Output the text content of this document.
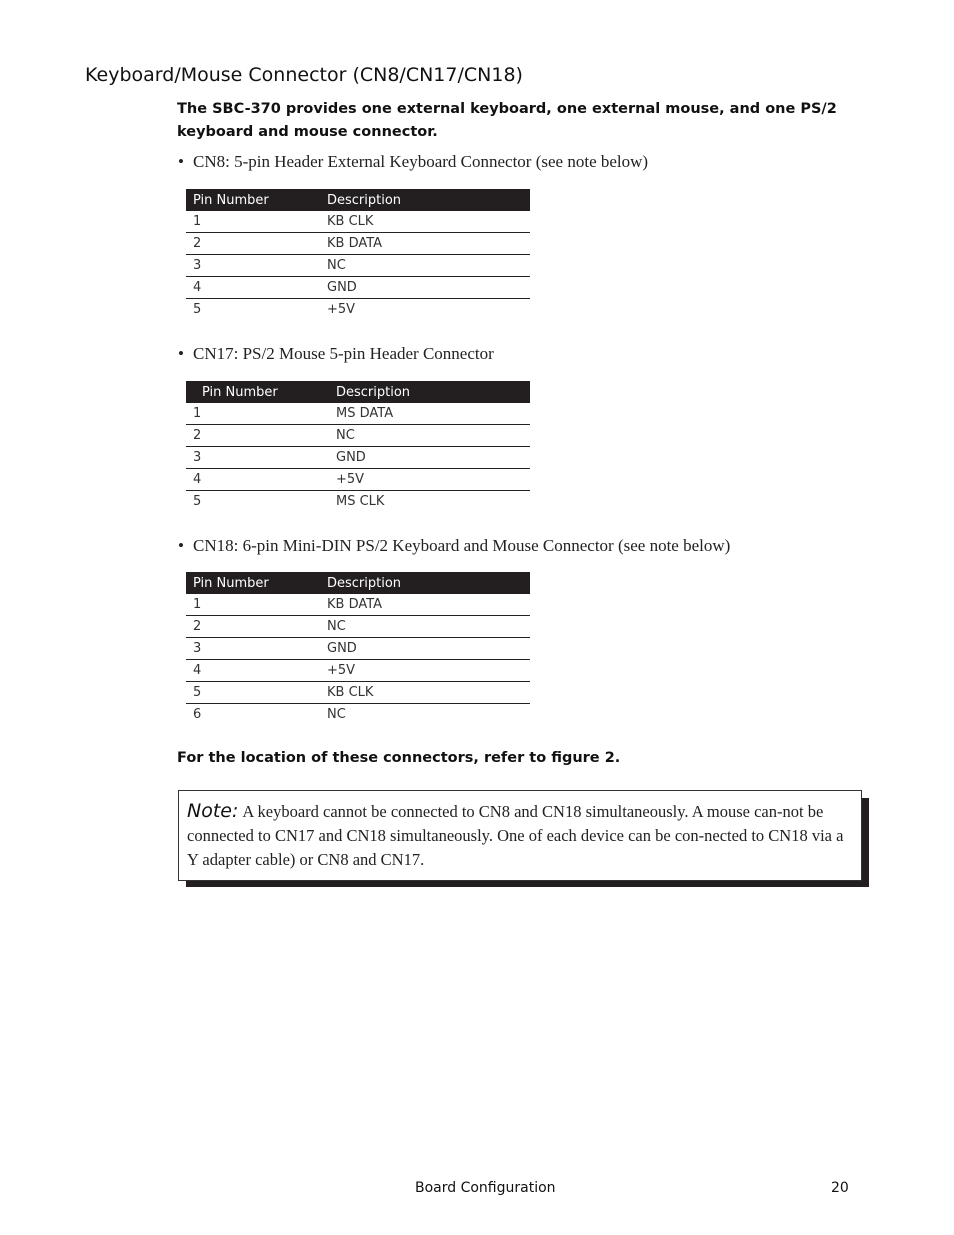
Keyboard/Mouse Connector (CN8/CN17/CN18)

The SBC-370 provides one external keyboard, one external mouse, and one PS/2 keyboard and mouse connector.

• CN8: 5-pin Header External Keyboard Connector (see note below)

Pin Number	Description
1	KB CLK
2	KB DATA
3	NC
4	GND
5	+5V

• CN17: PS/2 Mouse 5-pin Header Connector

Pin Number	Description
1	MS DATA
2	NC
3	GND
4	+5V
5	MS CLK

• CN18: 6-pin Mini-DIN PS/2 Keyboard and Mouse Connector (see note below)

Pin Number	Description
1	KB DATA
2	NC
3	GND
4	+5V
5	KB CLK
6	NC

For the location of these connectors, refer to figure 2.

Note: A keyboard cannot be connected to CN8 and CN18 simultaneously. A mouse can-not be connected to CN17 and CN18 simultaneously. One of each device can be con-nected to CN18 via a Y adapter cable) or CN8 and CN17.

Board Configuration	20
